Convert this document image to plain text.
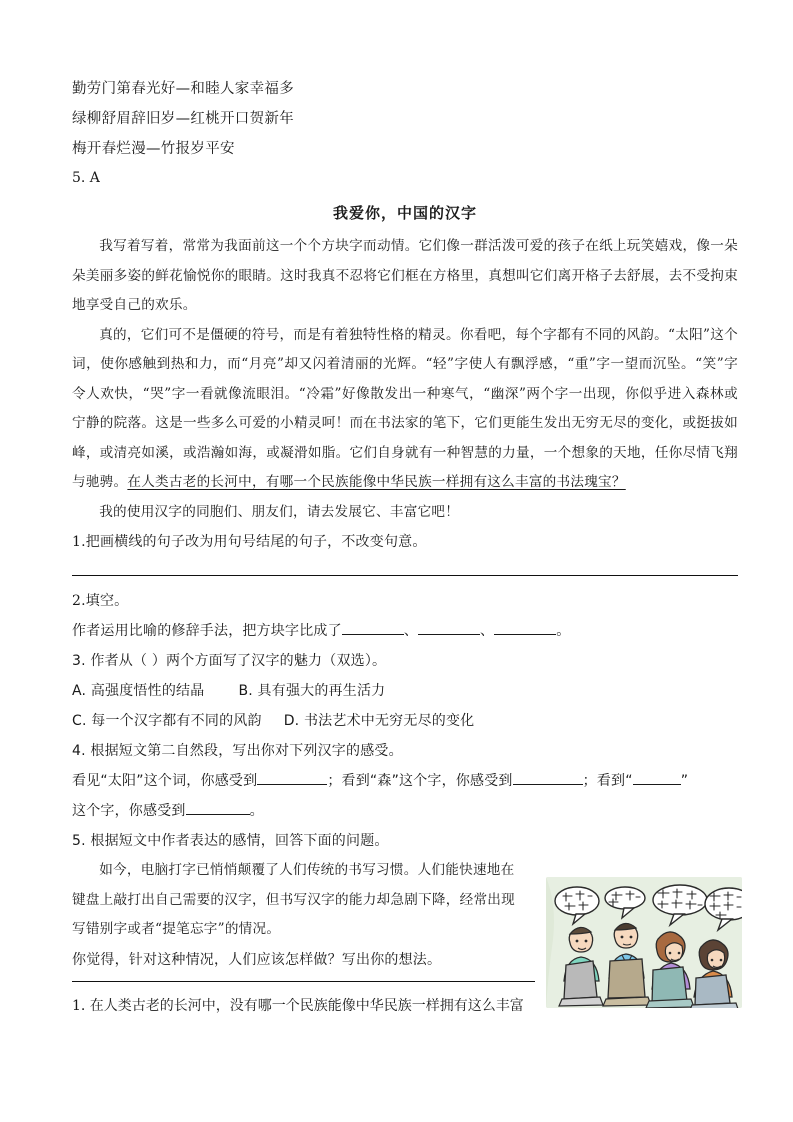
勤劳门第春光好—和睦人家幸福多
绿柳舒眉辞旧岁—红桃开口贺新年
梅开春烂漫—竹报岁平安
5. A
我爱你，中国的汉字

我写着写着，常常为我面前这一个个方块字而动情。它们像一群活泼可爱的孩子在纸上玩笑嬉戏，像一朵朵美丽多姿的鲜花愉悦你的眼睛。这时我真不忍将它们框在方格里，真想叫它们离开格子去舒展，去不受拘束地享受自己的欢乐。

真的，它们可不是僵硬的符号，而是有着独特性格的精灵。你看吧，每个字都有不同的风韵。“太阳”这个词，使你感触到热和力，而“月亮”却又闪着清丽的光辉。“轻”字使人有飘浮感，“重”字一望而沉坠。“笑”字令人欢快，“哭”字一看就像流眼泪。“冷霜”好像散发出一种寒气，“幽深”两个字一出现，你似乎进入森林或宁静的院落。这是一些多么可爱的小精灵呵！而在书法家的笔下，它们更能生发出无穷无尽的变化，或挺拔如峰，或清亮如溪，或浩瀚如海，或凝滑如脂。它们自身就有一种智慧的力量，一个想象的天地，任你尽情飞翔与驰骋。在人类古老的长河中，有哪一个民族能像中华民族一样拥有这么丰富的书法瑰宝？

我的使用汉字的同胞们、朋友们，请去发展它、丰富它吧！

1.把画横线的句子改为用句号结尾的句子，不改变句意。

2.填空。

作者运用比喻的修辞手法，把方块字比成了	、	、	。

3. 作者从（ ）两个方面写了汉字的魅力（双选）。

A. 高强度悟性的结晶 B. 具有强大的再生活力

C. 每一个汉字都有不同的风韵 D. 书法艺术中无穷无尽的变化

4. 根据短文第二自然段，写出你对下列汉字的感受。

看见“太阳”这个词，你感受到	；看到“森”这个字，你感受到	；看到“	”

这个字，你感受到	。

5. 根据短文中作者表达的感情，回答下面的问题。

如今，电脑打字已悄悄颠覆了人们传统的书写习惯。人们能快速地在键盘上敲打出自己需要的汉字，但书写汉字的能力却急剧下降，经常出现写错别字或者“提笔忘字”的情况。

你觉得，针对这种情况，人们应该怎样做？写出你的想法。

1. 在人类古老的长河中，没有哪一个民族能像中华民族一样拥有这么丰富
